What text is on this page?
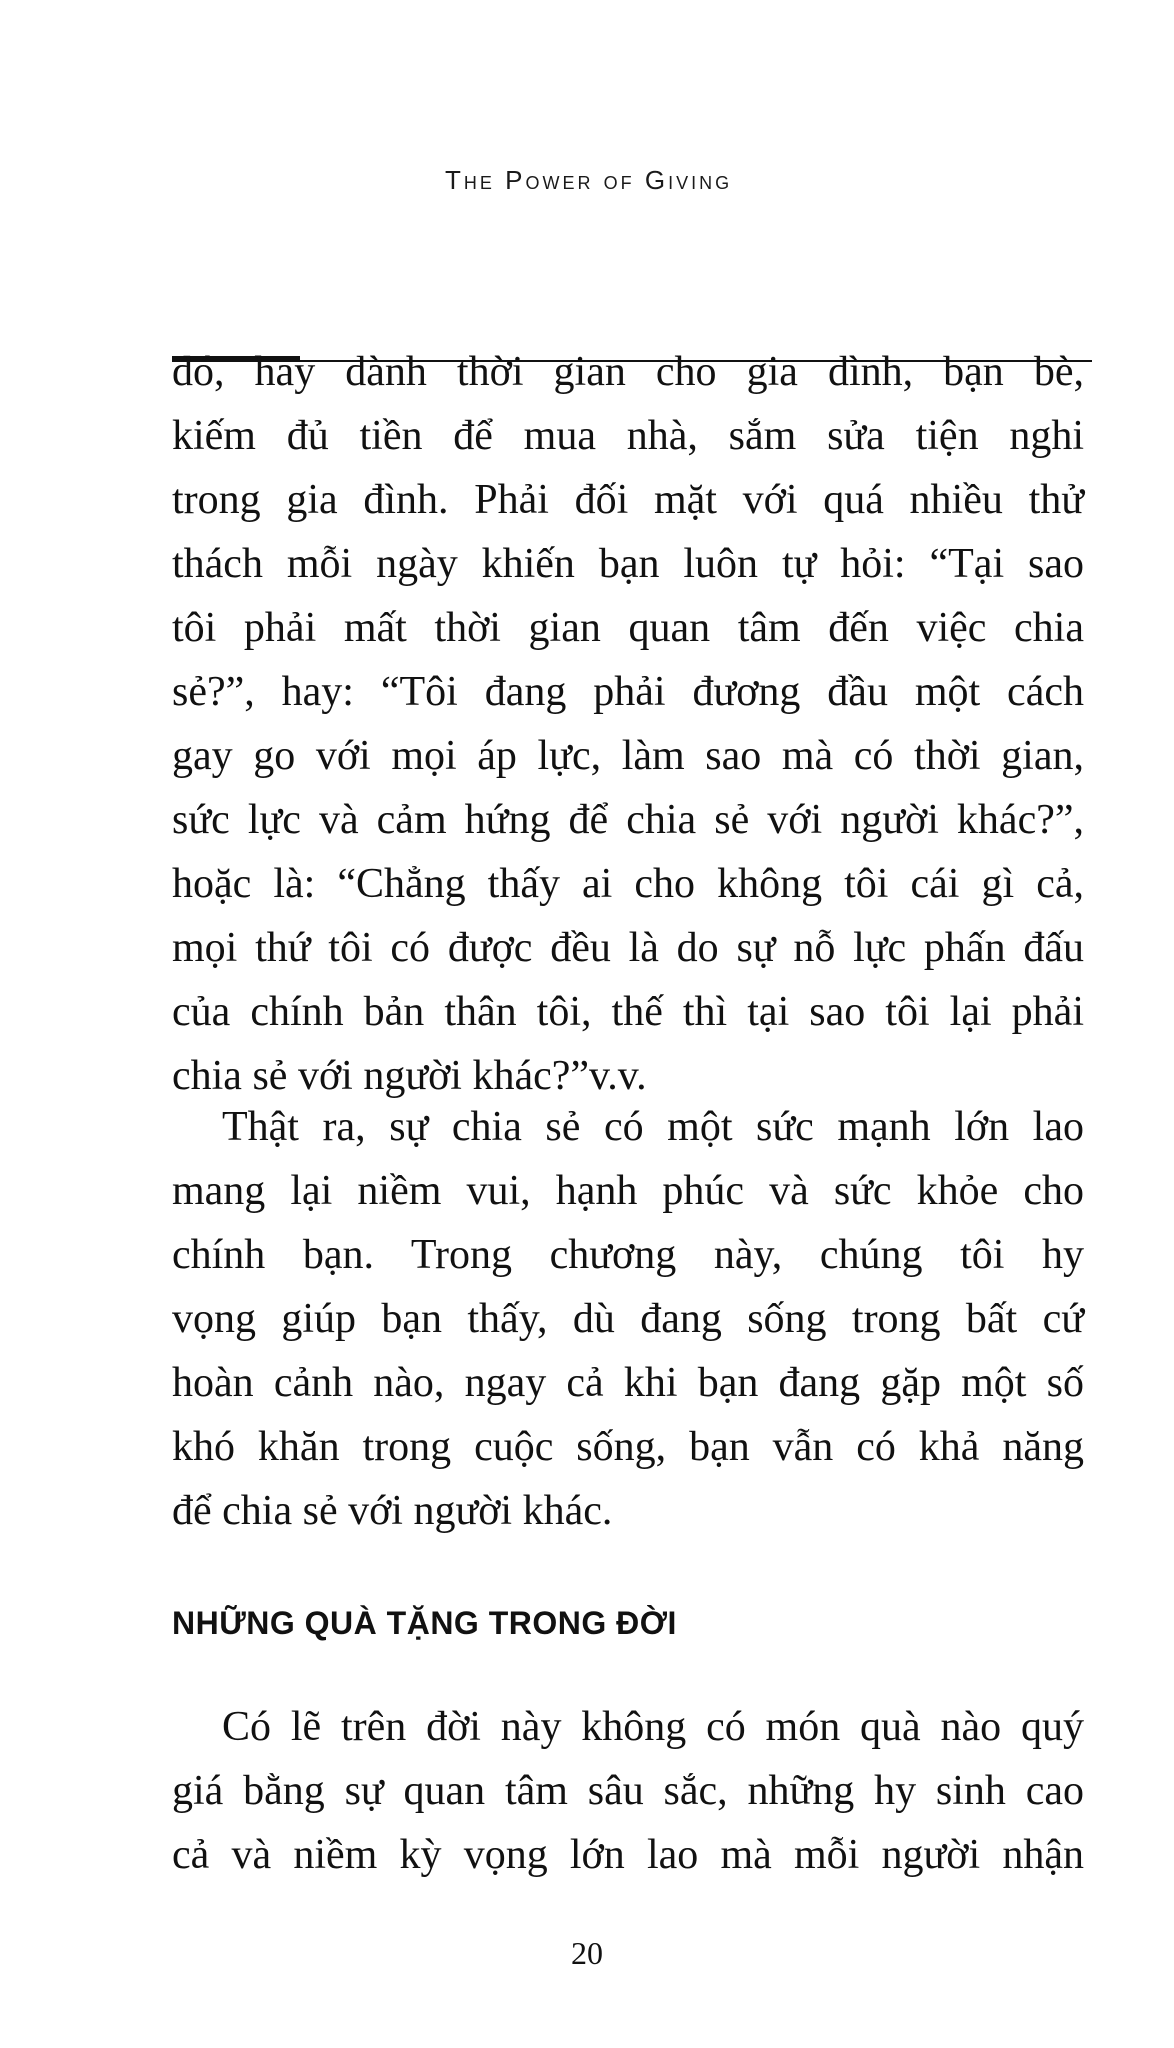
The Power of Giving
đó, hay dành thời gian cho gia đình, bạn bè,
kiếm đủ tiền để mua nhà, sắm sửa tiện nghi
trong gia đình. Phải đối mặt với quá nhiều thử
thách mỗi ngày khiến bạn luôn tự hỏi: “Tại sao
tôi phải mất thời gian quan tâm đến việc chia
sẻ?”, hay: “Tôi đang phải đương đầu một cách
gay go với mọi áp lực, làm sao mà có thời gian,
sức lực và cảm hứng để chia sẻ với người khác?”,
hoặc là: “Chẳng thấy ai cho không tôi cái gì cả,
mọi thứ tôi có được đều là do sự nỗ lực phấn đấu
của chính bản thân tôi, thế thì tại sao tôi lại phải
chia sẻ với người khác?”v.v.
Thật ra, sự chia sẻ có một sức mạnh lớn lao
mang lại niềm vui, hạnh phúc và sức khỏe cho
chính bạn. Trong chương này, chúng tôi hy
vọng giúp bạn thấy, dù đang sống trong bất cứ
hoàn cảnh nào, ngay cả khi bạn đang gặp một số
khó khăn trong cuộc sống, bạn vẫn có khả năng
để chia sẻ với người khác.
NHỮNG QUÀ TẶNG TRONG ĐỜI
Có lẽ trên đời này không có món quà nào quý
giá bằng sự quan tâm sâu sắc, những hy sinh cao
cả và niềm kỳ vọng lớn lao mà mỗi người nhận
20
